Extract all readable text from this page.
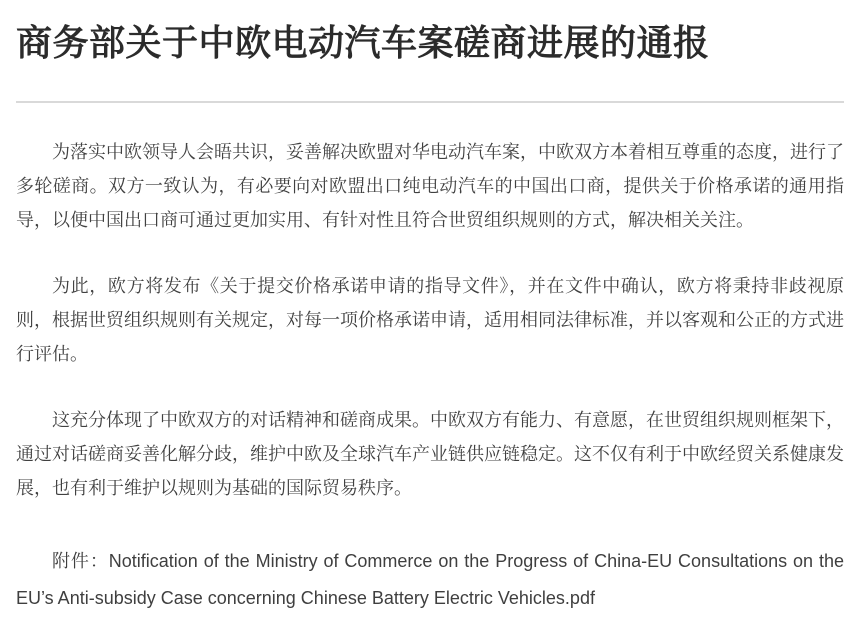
商务部关于中欧电动汽车案磋商进展的通报

为落实中欧领导人会晤共识，妥善解决欧盟对华电动汽车案，中欧双方本着相互尊重的态度，进行了多轮磋商。双方一致认为，有必要向对欧盟出口纯电动汽车的中国出口商，提供关于价格承诺的通用指导，以便中国出口商可通过更加实用、有针对性且符合世贸组织规则的方式，解决相关关注。

为此，欧方将发布《关于提交价格承诺申请的指导文件》，并在文件中确认，欧方将秉持非歧视原则，根据世贸组织规则有关规定，对每一项价格承诺申请，适用相同法律标准，并以客观和公正的方式进行评估。

这充分体现了中欧双方的对话精神和磋商成果。中欧双方有能力、有意愿，在世贸组织规则框架下，通过对话磋商妥善化解分歧，维护中欧及全球汽车产业链供应链稳定。这不仅有利于中欧经贸关系健康发展，也有利于维护以规则为基础的国际贸易秩序。

附件：Notification of the Ministry of Commerce on the Progress of China-EU Consultations on the EU’s Anti-subsidy Case concerning Chinese Battery Electric Vehicles.pdf
